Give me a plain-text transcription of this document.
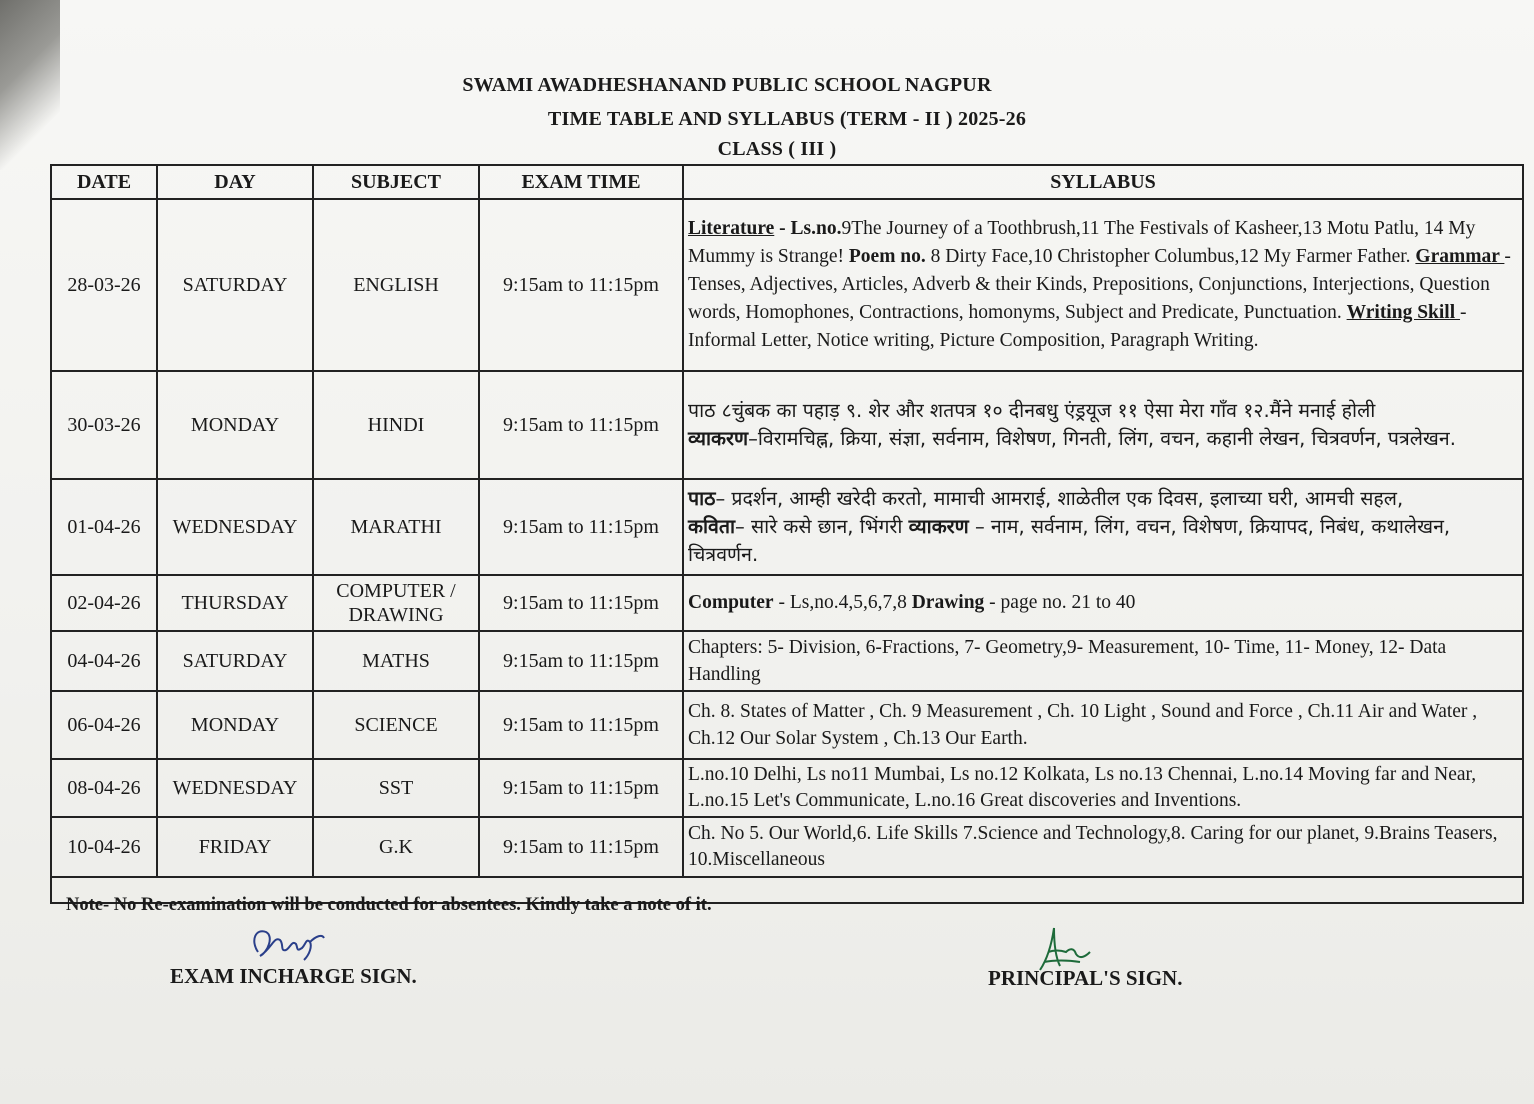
SWAMI AWADHESHANAND PUBLIC SCHOOL NAGPUR
TIME TABLE AND SYLLABUS (TERM - II ) 2025-26
CLASS ( III )
DATE	DAY	SUBJECT	EXAM TIME	SYLLABUS
28-03-26	SATURDAY	ENGLISH	9:15am to 11:15pm	Literature - Ls.no.9The Journey of a Toothbrush,11 The Festivals of Kasheer,13 Motu Patlu, 14 My Mummy is Strange! Poem no. 8 Dirty Face,10 Christopher Columbus,12 My Farmer Father. Grammar - Tenses, Adjectives, Articles, Adverb & their Kinds, Prepositions, Conjunctions, Interjections, Question words, Homophones, Contractions, homonyms, Subject and Predicate, Punctuation. Writing Skill - Informal Letter, Notice writing, Picture Composition, Paragraph Writing.
30-03-26	MONDAY	HINDI	9:15am to 11:15pm	पाठ ८चुंबक का पहाड़ ९. शेर और शतपत्र १० दीनबधु एंड्रयूज ११ ऐसा मेरा गाँव १२.मैंने मनाई होली
व्याकरण–विरामचिह्न, क्रिया, संज्ञा, सर्वनाम, विशेषण, गिनती, लिंग, वचन, कहानी लेखन, चित्रवर्णन, पत्रलेखन.
01-04-26	WEDNESDAY	MARATHI	9:15am to 11:15pm	पाठ– प्रदर्शन, आम्ही खरेदी करतो, मामाची आमराई, शाळेतील एक दिवस, इलाच्या घरी, आमची सहल,
कविता– सारे कसे छान, भिंगरी व्याकरण – नाम, सर्वनाम, लिंग, वचन, विशेषण, क्रियापद, निबंध, कथालेखन, चित्रवर्णन.
02-04-26	THURSDAY	COMPUTER / DRAWING	9:15am to 11:15pm	Computer - Ls,no.4,5,6,7,8 Drawing - page no. 21 to 40
04-04-26	SATURDAY	MATHS	9:15am to 11:15pm	Chapters: 5- Division, 6-Fractions, 7- Geometry,9- Measurement, 10- Time, 11- Money, 12- Data Handling
06-04-26	MONDAY	SCIENCE	9:15am to 11:15pm	Ch. 8. States of Matter , Ch. 9 Measurement , Ch. 10 Light , Sound and Force , Ch.11 Air and Water , Ch.12 Our Solar System , Ch.13 Our Earth.
08-04-26	WEDNESDAY	SST	9:15am to 11:15pm	L.no.10 Delhi, Ls no11 Mumbai, Ls no.12 Kolkata, Ls no.13 Chennai, L.no.14 Moving far and Near, L.no.15 Let's Communicate, L.no.16 Great discoveries and Inventions.
10-04-26	FRIDAY	G.K	9:15am to 11:15pm	Ch. No 5. Our World,6. Life Skills 7.Science and Technology,8. Caring for our planet, 9.Brains Teasers, 10.Miscellaneous

Note- No Re-examination will be conducted for absentees. Kindly take a note of it.
EXAM INCHARGE SIGN.	PRINCIPAL'S SIGN.
